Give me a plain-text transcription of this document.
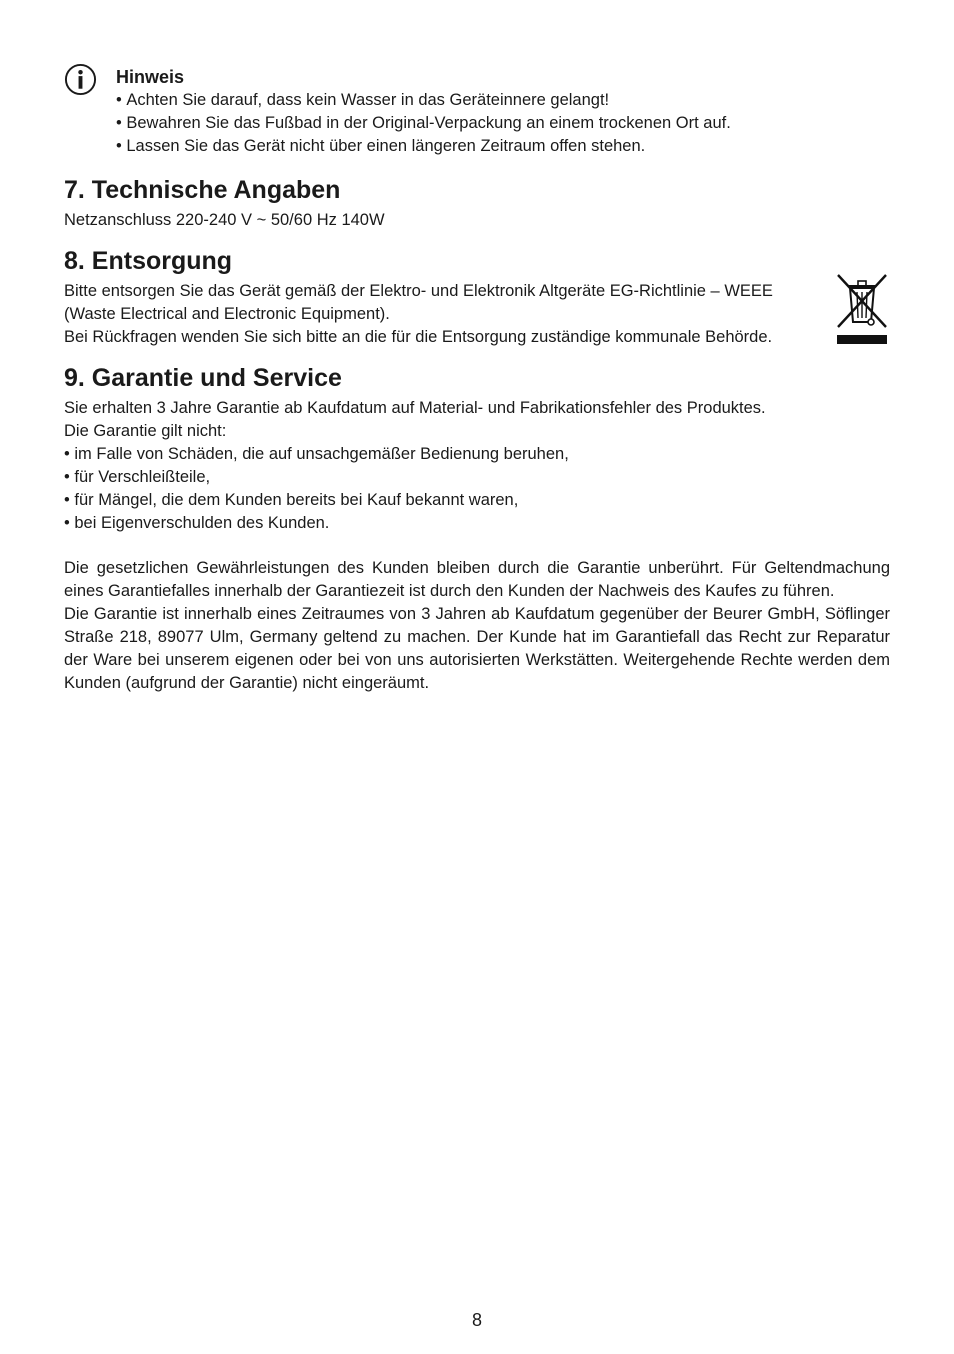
Hinweis

• Achten Sie darauf, dass kein Wasser in das Geräteinnere gelangt!
• Bewahren Sie das Fußbad in der Original-Verpackung an einem trockenen Ort auf.
• Lassen Sie das Gerät nicht über einen längeren Zeitraum offen stehen.
7. Technische Angaben
Netzanschluss 220-240 V ~ 50/60 Hz 140W
8. Entsorgung
Bitte entsorgen Sie das Gerät gemäß der Elektro- und Elektronik Altgeräte EG-Richtlinie – WEEE
(Waste Electrical and Electronic Equipment).
Bei Rückfragen wenden Sie sich bitte an die für die Entsorgung zuständige kommunale Behörde.
9. Garantie und Service
Sie erhalten 3 Jahre Garantie ab Kaufdatum auf Material- und Fabrikationsfehler des Produktes.
Die Garantie gilt nicht:
• im Falle von Schäden, die auf unsachgemäßer Bedienung beruhen,
• für Verschleißteile,
• für Mängel, die dem Kunden bereits bei Kauf bekannt waren,
• bei Eigenverschulden des Kunden.

Die gesetzlichen Gewährleistungen des Kunden bleiben durch die Garantie unberührt. Für Geltendmachung eines Garantiefalles innerhalb der Garantiezeit ist durch den Kunden der Nachweis des Kaufes zu führen.

Die Garantie ist innerhalb eines Zeitraumes von 3 Jahren ab Kaufdatum gegenüber der Beurer GmbH, Söflinger Straße 218, 89077 Ulm, Germany geltend zu machen. Der Kunde hat im Garantiefall das Recht zur Reparatur der Ware bei unserem eigenen oder bei von uns autorisierten Werkstätten. Weitergehende Rechte werden dem Kunden (aufgrund der Garantie) nicht eingeräumt.

8
